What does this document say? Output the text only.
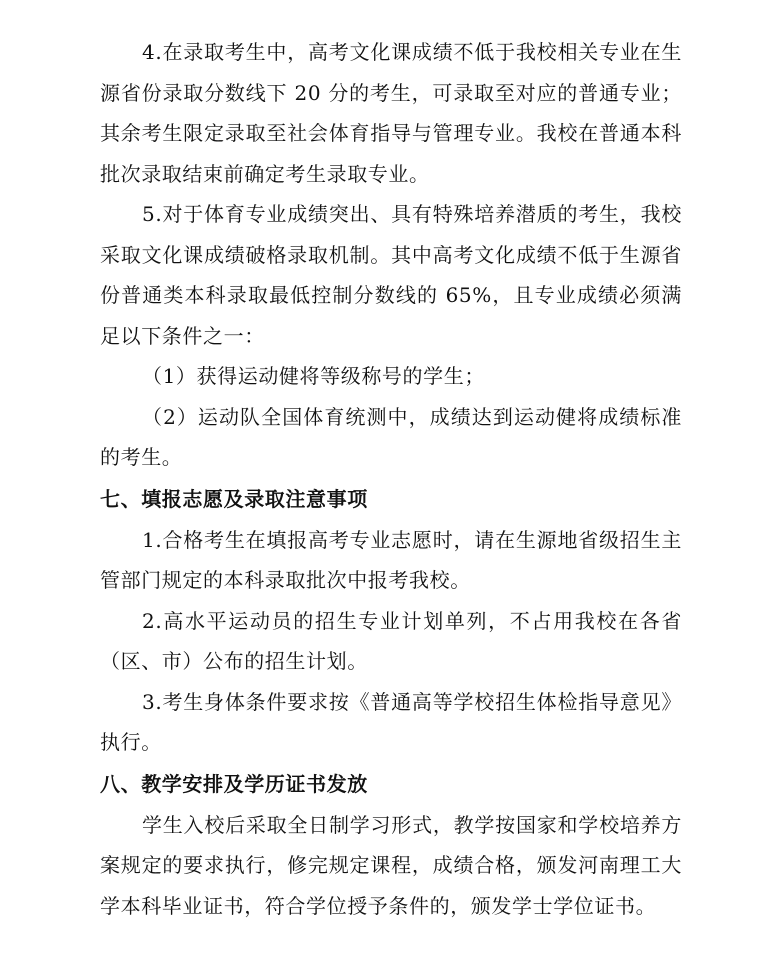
4.在录取考生中，高考文化课成绩不低于我校相关专业在生源省份录取分数线下 20 分的考生，可录取至对应的普通专业；其余考生限定录取至社会体育指导与管理专业。我校在普通本科批次录取结束前确定考生录取专业。

5.对于体育专业成绩突出、具有特殊培养潜质的考生，我校采取文化课成绩破格录取机制。其中高考文化成绩不低于生源省份普通类本科录取最低控制分数线的 65%，且专业成绩必须满足以下条件之一：

（1）获得运动健将等级称号的学生；

（2）运动队全国体育统测中，成绩达到运动健将成绩标准的考生。

七、填报志愿及录取注意事项

1.合格考生在填报高考专业志愿时，请在生源地省级招生主管部门规定的本科录取批次中报考我校。

2.高水平运动员的招生专业计划单列，不占用我校在各省（区、市）公布的招生计划。

3.考生身体条件要求按《普通高等学校招生体检指导意见》执行。

八、教学安排及学历证书发放

学生入校后采取全日制学习形式，教学按国家和学校培养方案规定的要求执行，修完规定课程，成绩合格，颁发河南理工大学本科毕业证书，符合学位授予条件的，颁发学士学位证书。
